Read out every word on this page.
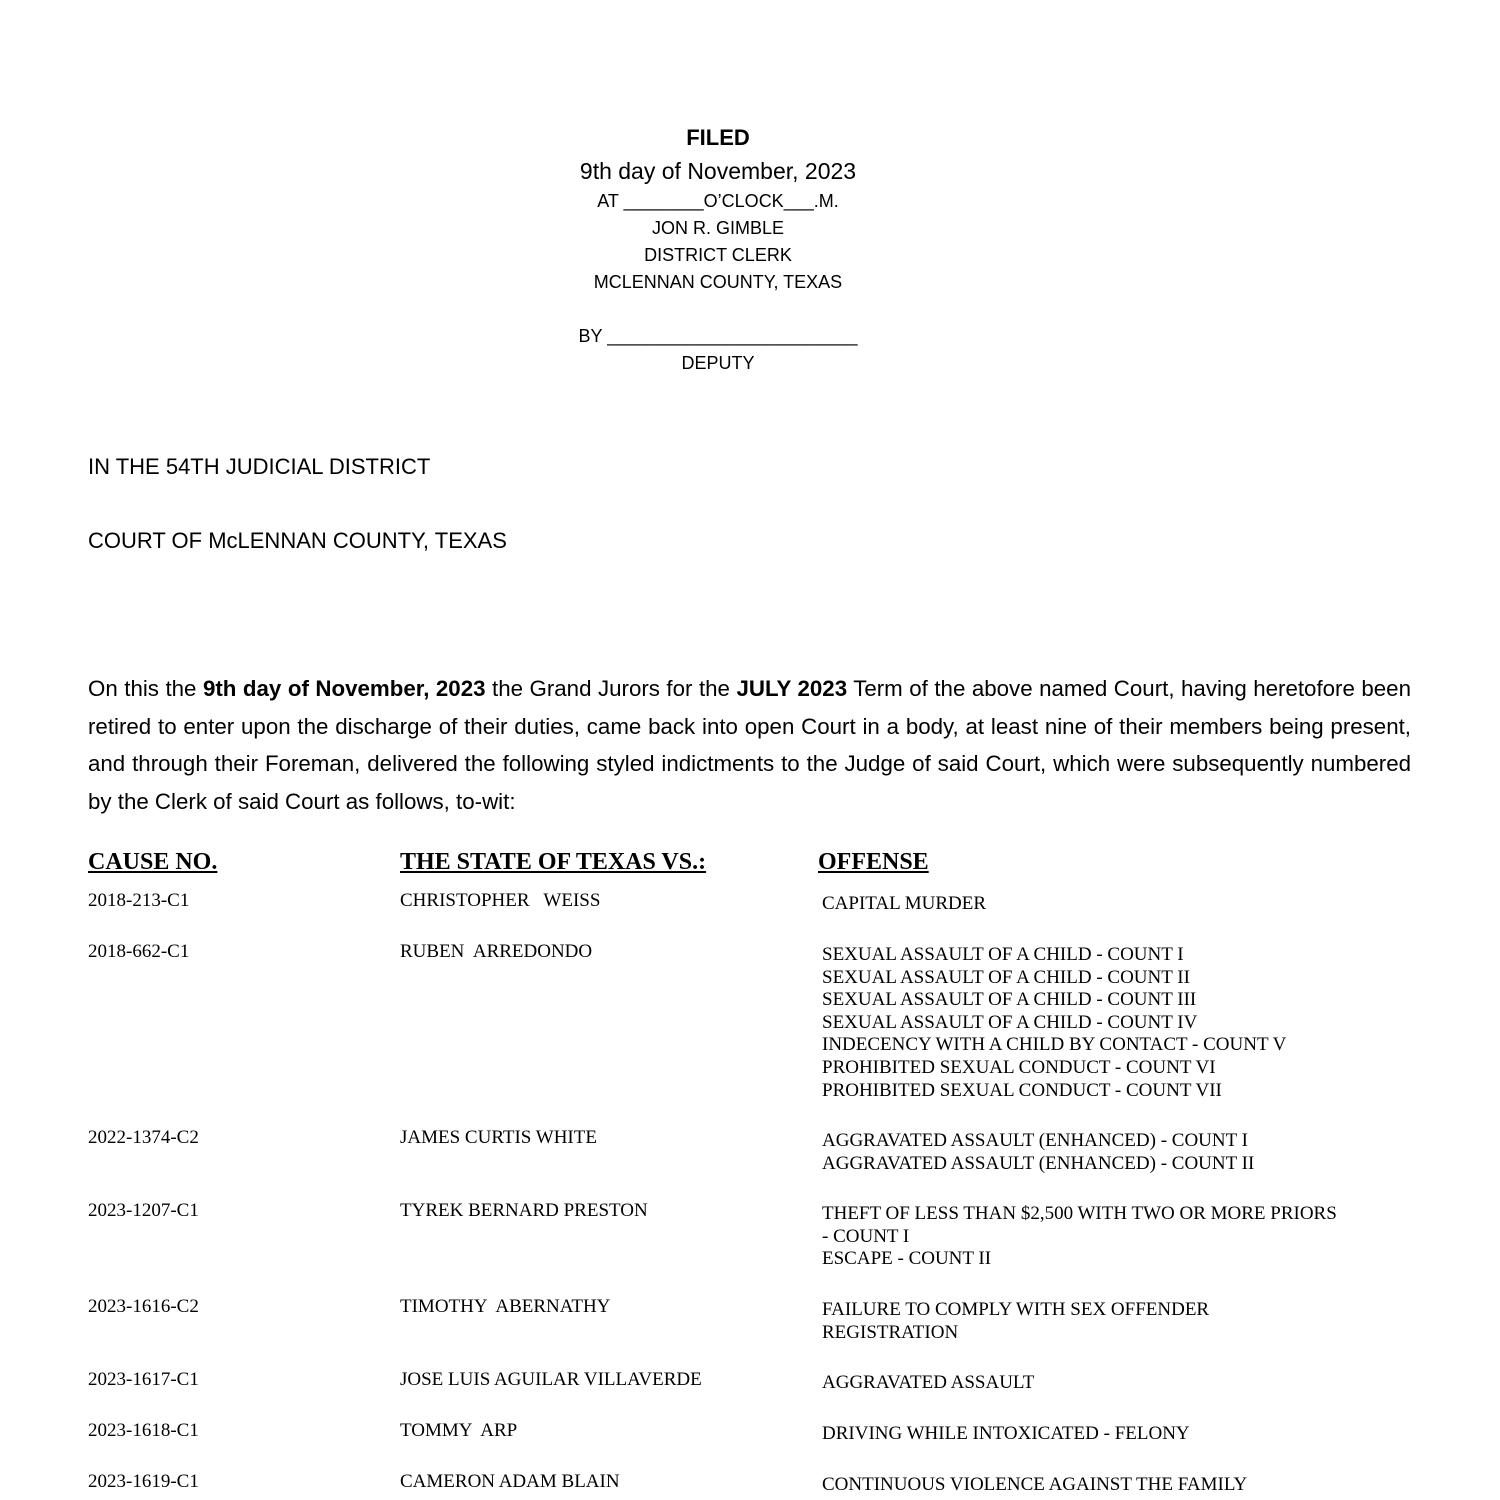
FILED
9th day of November, 2023
AT ________O’CLOCK___.M.
JON R. GIMBLE
DISTRICT CLERK
MCLENNAN COUNTY, TEXAS
BY _________________________
DEPUTY
IN THE 54TH JUDICIAL DISTRICT
COURT OF McLENNAN COUNTY, TEXAS
On this the 9th day of November, 2023 the Grand Jurors for the JULY 2023 Term of the above named Court, having heretofore been retired to enter upon the discharge of their duties, came back into open Court in a body, at least nine of their members being present, and through their Foreman, delivered the following styled indictments to the Judge of said Court, which were subsequently numbered by the Clerk of said Court as follows, to-wit:
CAUSE NO.	THE STATE OF TEXAS VS.:	OFFENSE
2018-213-C1	CHRISTOPHER   WEISS	CAPITAL MURDER
2018-662-C1	RUBEN  ARREDONDO	SEXUAL ASSAULT OF A CHILD - COUNT I
SEXUAL ASSAULT OF A CHILD - COUNT II
SEXUAL ASSAULT OF A CHILD - COUNT III
SEXUAL ASSAULT OF A CHILD - COUNT IV
INDECENCY WITH A CHILD BY CONTACT - COUNT V
PROHIBITED SEXUAL CONDUCT - COUNT VI
PROHIBITED SEXUAL CONDUCT - COUNT VII
2022-1374-C2	JAMES CURTIS WHITE	AGGRAVATED ASSAULT (ENHANCED) - COUNT I
AGGRAVATED ASSAULT (ENHANCED) - COUNT II
2023-1207-C1	TYREK BERNARD PRESTON	THEFT OF LESS THAN $2,500 WITH TWO OR MORE PRIORS
- COUNT I
ESCAPE - COUNT II
2023-1616-C2	TIMOTHY  ABERNATHY	FAILURE TO COMPLY WITH SEX OFFENDER
REGISTRATION
2023-1617-C1	JOSE LUIS AGUILAR VILLAVERDE	AGGRAVATED ASSAULT
2023-1618-C1	TOMMY  ARP	DRIVING WHILE INTOXICATED - FELONY
2023-1619-C1	CAMERON ADAM BLAIN	CONTINUOUS VIOLENCE AGAINST THE FAMILY
